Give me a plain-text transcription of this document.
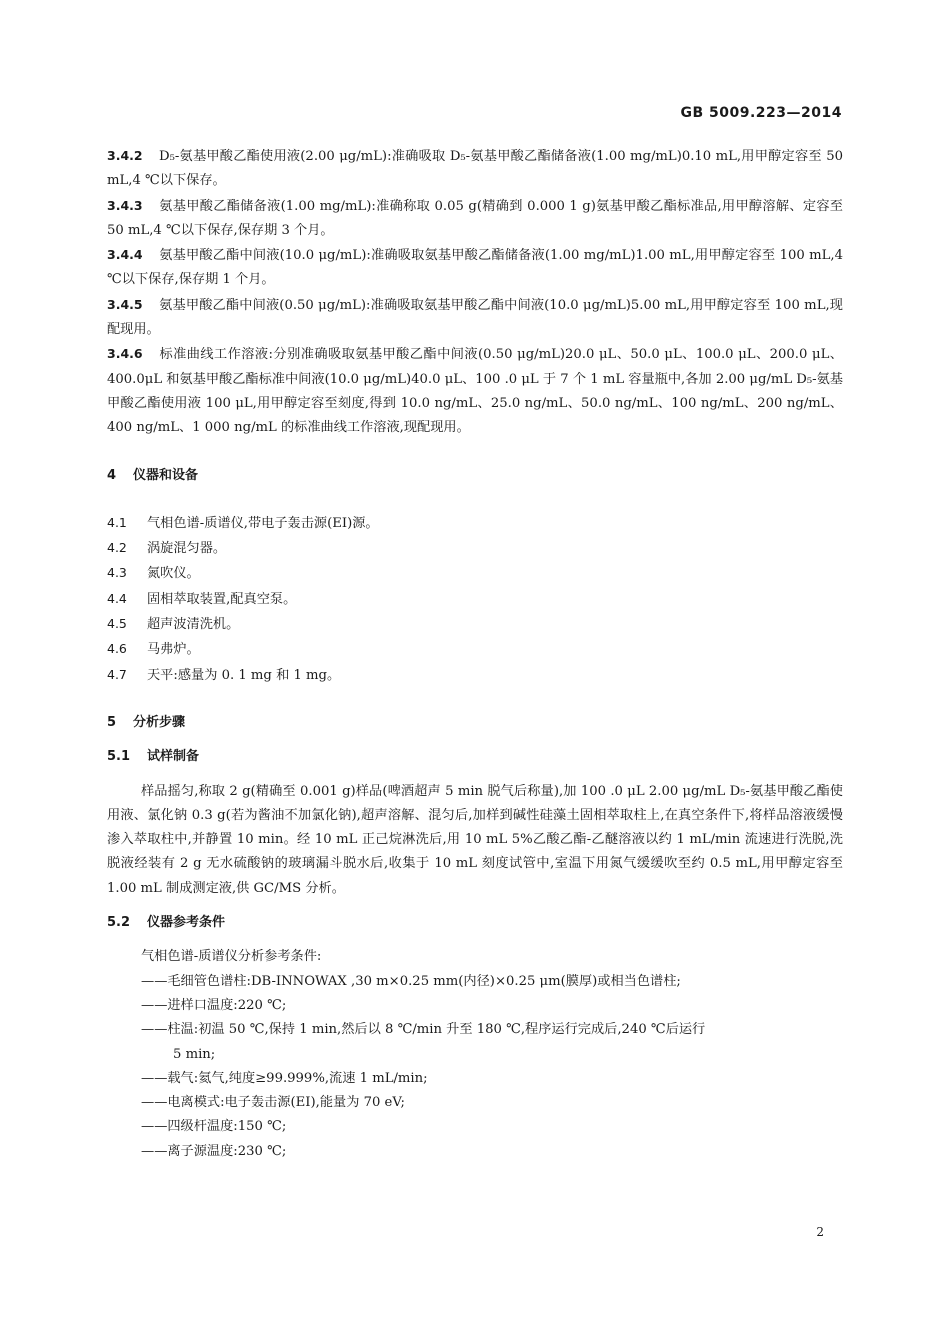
GB 5009.223—2014

3.4.2 D₅-氨基甲酸乙酯使用液(2.00 μg/mL):准确吸取 D₅-氨基甲酸乙酯储备液(1.00 mg/mL)0.10 mL,用甲醇定容至 50 mL,4 ℃以下保存。

3.4.3 氨基甲酸乙酯储备液(1.00 mg/mL):准确称取 0.05 g(精确到 0.000 1 g)氨基甲酸乙酯标准品,用甲醇溶解、定容至 50 mL,4 ℃以下保存,保存期 3 个月。

3.4.4 氨基甲酸乙酯中间液(10.0 μg/mL):准确吸取氨基甲酸乙酯储备液(1.00 mg/mL)1.00 mL,用甲醇定容至 100 mL,4 ℃以下保存,保存期 1 个月。

3.4.5 氨基甲酸乙酯中间液(0.50 μg/mL):准确吸取氨基甲酸乙酯中间液(10.0 μg/mL)5.00 mL,用甲醇定容至 100 mL,现配现用。

3.4.6 标准曲线工作溶液:分别准确吸取氨基甲酸乙酯中间液(0.50 μg/mL)20.0 μL、50.0 μL、100.0 μL、200.0 μL、400.0μL 和氨基甲酸乙酯标准中间液(10.0 μg/mL)40.0 μL、100 .0 μL 于 7 个 1 mL 容量瓶中,各加 2.00 μg/mL D₅-氨基甲酸乙酯使用液 100 μL,用甲醇定容至刻度,得到 10.0 ng/mL、25.0 ng/mL、50.0 ng/mL、100 ng/mL、200 ng/mL、400 ng/mL、1 000 ng/mL 的标准曲线工作溶液,现配现用。

4 仪器和设备

4.1 气相色谱-质谱仪,带电子轰击源(EI)源。

4.2 涡旋混匀器。

4.3 氮吹仪。

4.4 固相萃取装置,配真空泵。

4.5 超声波清洗机。

4.6 马弗炉。

4.7 天平:感量为 0. 1 mg 和 1 mg。

5 分析步骤

5.1 试样制备

样品摇匀,称取 2 g(精确至 0.001 g)样品(啤酒超声 5 min 脱气后称量),加 100 .0 μL 2.00 μg/mL D₅-氨基甲酸乙酯使用液、氯化钠 0.3 g(若为酱油不加氯化钠),超声溶解、混匀后,加样到碱性硅藻土固相萃取柱上,在真空条件下,将样品溶液缓慢渗入萃取柱中,并静置 10 min。经 10 mL 正己烷淋洗后,用 10 mL 5%乙酸乙酯-乙醚溶液以约 1 mL/min 流速进行洗脱,洗脱液经装有 2 g 无水硫酸钠的玻璃漏斗脱水后,收集于 10 mL 刻度试管中,室温下用氮气缓缓吹至约 0.5 mL,用甲醇定容至 1.00 mL 制成测定液,供 GC/MS 分析。

5.2 仪器参考条件

气相色谱-质谱仪分析参考条件:

——毛细管色谱柱:DB-INNOWAX ,30 m×0.25 mm(内径)×0.25 μm(膜厚)或相当色谱柱;

——进样口温度:220 ℃;

——柱温:初温 50 ℃,保持 1 min,然后以 8 ℃/min 升至 180 ℃,程序运行完成后,240 ℃后运行

5 min;

——载气:氦气,纯度≥99.999%,流速 1 mL/min;

——电离模式:电子轰击源(EI),能量为 70 eV;

——四级杆温度:150 ℃;

——离子源温度:230 ℃;

2
